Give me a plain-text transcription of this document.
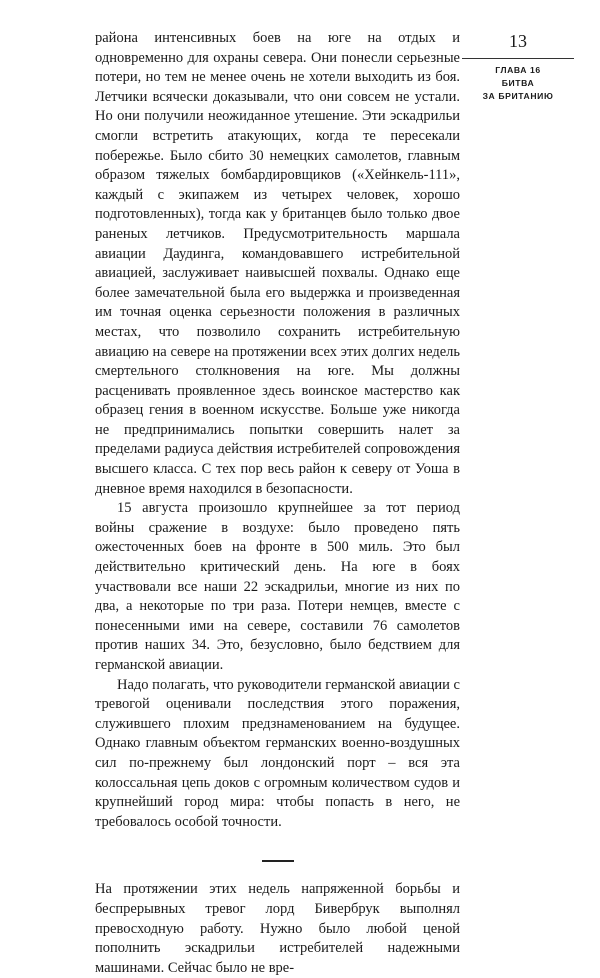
13
ГЛАВА 16
БИТВА
ЗА БРИТАНИЮ

района интенсивных боев на юге на отдых и одновременно для охраны севера. Они понесли серьезные потери, но тем не менее очень не хотели выходить из боя. Летчики всячески доказывали, что они совсем не устали. Но они получили неожиданное утешение. Эти эскадрильи смогли встретить атакующих, когда те пересекали побережье. Было сбито 30 немецких самолетов, главным образом тяжелых бомбардировщиков («Хейнкель-111», каждый с экипажем из четырех человек, хорошо подготовленных), тогда как у британцев было только двое раненых летчиков. Предусмотрительность маршала авиации Даудинга, командовавшего истребительной авиацией, заслуживает наивысшей похвалы. Однако еще более замечательной была его выдержка и произведенная им точная оценка серьезности положения в различных местах, что позволило сохранить истребительную авиацию на севере на протяжении всех этих долгих недель смертельного столкновения на юге. Мы должны расценивать проявленное здесь воинское мастерство как образец гения в военном искусстве. Больше уже никогда не предпринимались попытки совершить налет за пределами радиуса действия истребителей сопровождения высшего класса. С тех пор весь район к северу от Уоша в дневное время находился в безопасности.

15 августа произошло крупнейшее за тот период войны сражение в воздухе: было проведено пять ожесточенных боев на фронте в 500 миль. Это был действительно критический день. На юге в боях участвовали все наши 22 эскадрильи, многие из них по два, а некоторые по три раза. Потери немцев, вместе с понесенными ими на севере, составили 76 самолетов против наших 34. Это, безусловно, было бедствием для германской авиации.

Надо полагать, что руководители германской авиации с тревогой оценивали последствия этого поражения, служившего плохим предзнаменованием на будущее. Однако главным объектом германских военно-воздушных сил по-прежнему был лондонский порт – вся эта колоссальная цепь доков с огромным количеством судов и крупнейший город мира: чтобы попасть в него, не требовалось особой точности.

На протяжении этих недель напряженной борьбы и беспрерывных тревог лорд Бивербрук выполнял превосходную работу. Нужно было любой ценой пополнить эскадрильи истребителей надежными машинами. Сейчас было не вре-
